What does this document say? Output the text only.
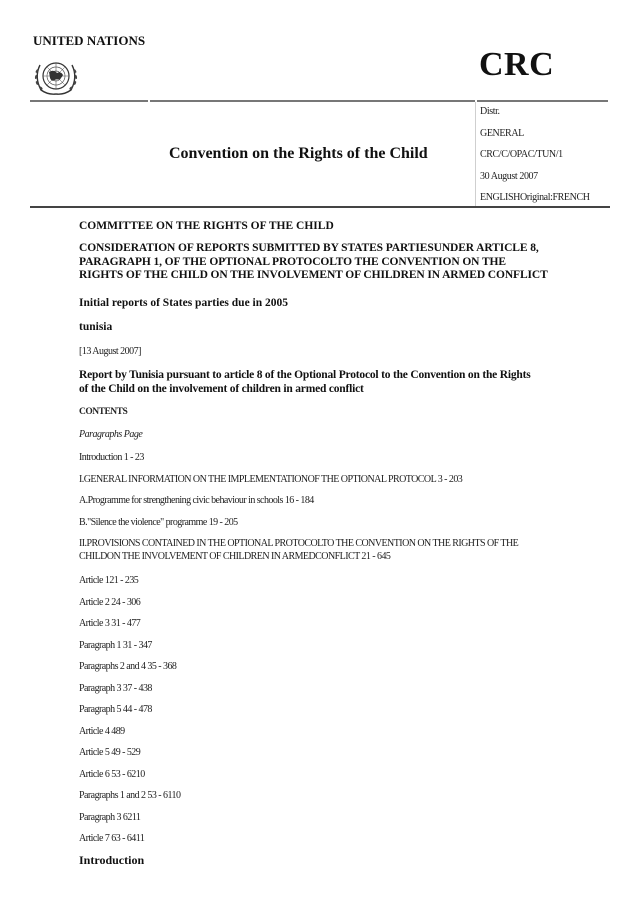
UNITED NATIONS
CRC
Convention on the Rights of the Child
Distr.
GENERAL
CRC/C/OPAC/TUN/1
30 August 2007
ENGLISHOriginal:FRENCH
COMMITTEE ON THE RIGHTS OF THE CHILD
CONSIDERATION OF REPORTS SUBMITTED BY STATES PARTIESUNDER ARTICLE 8,
PARAGRAPH 1, OF THE OPTIONAL PROTOCOLTO THE CONVENTION ON THE
RIGHTS OF THE CHILD ON THE INVOLVEMENT OF CHILDREN IN ARMED CONFLICT
Initial reports of States parties due in 2005
tunisia
[13 August 2007]
Report by Tunisia pursuant to article 8 of the Optional Protocol to the Convention on the Rights
of the Child on the involvement of children in armed conflict
CONTENTS
Paragraphs Page
Introduction 1 - 23
I.GENERAL INFORMATION ON THE IMPLEMENTATIONOF THE OPTIONAL PROTOCOL 3 - 203
A.Programme for strengthening civic behaviour in schools 16 - 184
B."Silence the violence" programme 19 - 205
II.PROVISIONS CONTAINED IN THE OPTIONAL PROTOCOLTO THE CONVENTION ON THE RIGHTS OF THE
CHILDON THE INVOLVEMENT OF CHILDREN IN ARMEDCONFLICT 21 - 645
Article 121 - 235
Article 2 24 - 306
Article 3 31 - 477
Paragraph 1 31 - 347
Paragraphs 2 and 4 35 - 368
Paragraph 3 37 - 438
Paragraph 5 44 - 478
Article 4 489
Article 5 49 - 529
Article 6 53 - 6210
Paragraphs 1 and 2 53 - 6110
Paragraph 3 6211
Article 7 63 - 6411
Introduction
